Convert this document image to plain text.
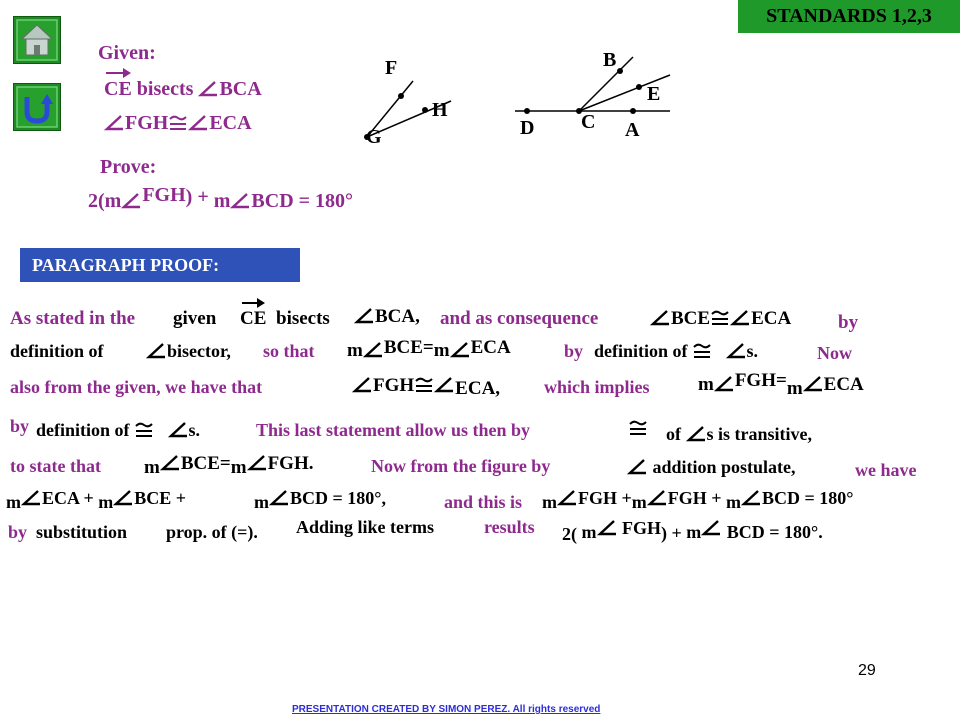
STANDARDS 1,2,3
Given:
CE bisects BCA
FGH ECA
Prove:
2(m FGH) + m BCD = 180°
F
H
G
B
E
D C A
PARAGRAPH PROOF:
As stated in the given CE bisects	BCA, and as consequence	BCE ECA by
definition of	bisector, so that m BCE=m ECA	by definition of
	s.	Now
also from the given, we have that	FGH ECA, which implies	m FGH=m ECA
by definition of
	s.	This last statement allow us then by	of s is transitive,
to state that m BCE=m FGH.	Now from the figure by	addition postulate,	we have
m ECA + m BCE +	m BCD = 180°,	and this is m FGH +m FGH + m BCD = 180°
by substitution prop. of (=). Adding like terms	results 2( m FGH) + m BCD = 180°.
29
PRESENTATION CREATED BY SIMON PEREZ. All rights reserved
